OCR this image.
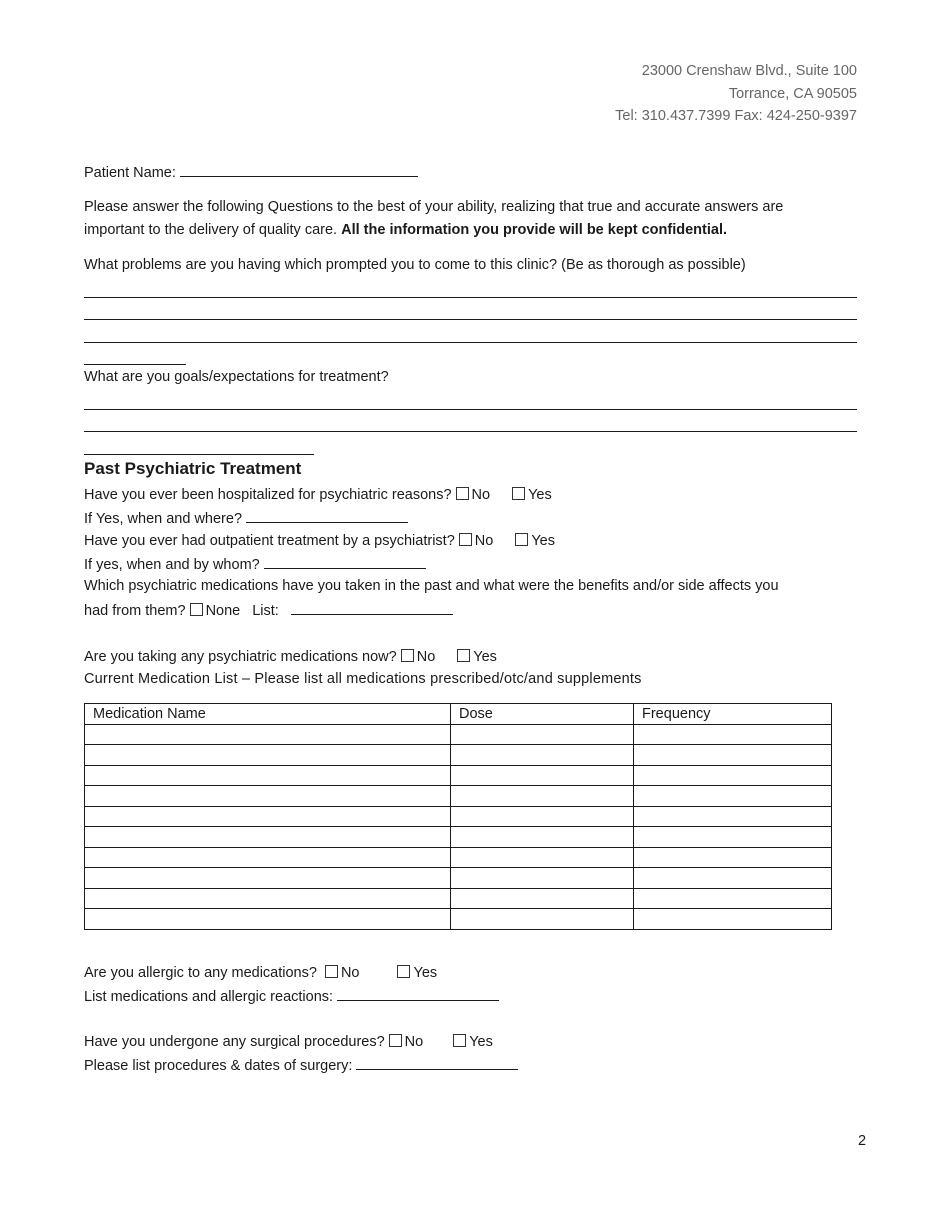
23000 Crenshaw Blvd., Suite 100
Torrance, CA 90505
Tel: 310.437.7399 Fax: 424-250-9397
Patient Name:
Please answer the following Questions to the best of your ability, realizing that true and accurate answers are
important to the delivery of quality care. All the information you provide will be kept confidential.
What problems are you having which prompted you to come to this clinic? (Be as thorough as possible)
What are you goals/expectations for treatment?
Past Psychiatric Treatment
Have you ever been hospitalized for psychiatric reasons? No	Yes
If Yes, when and where?
Have you ever had outpatient treatment by a psychiatrist? No	Yes
If yes, when and by whom?
Which psychiatric medications have you taken in the past and what were the benefits and/or side affects you
had from them? None List:
Are you taking any psychiatric medications now? No	Yes
Current Medication List – Please list all medications prescribed/otc/and supplements
Medication Name	Dose	Frequency

Are you allergic to any medications? No	Yes
List medications and allergic reactions:
Have you undergone any surgical procedures? No	Yes
Please list procedures & dates of surgery:
2
